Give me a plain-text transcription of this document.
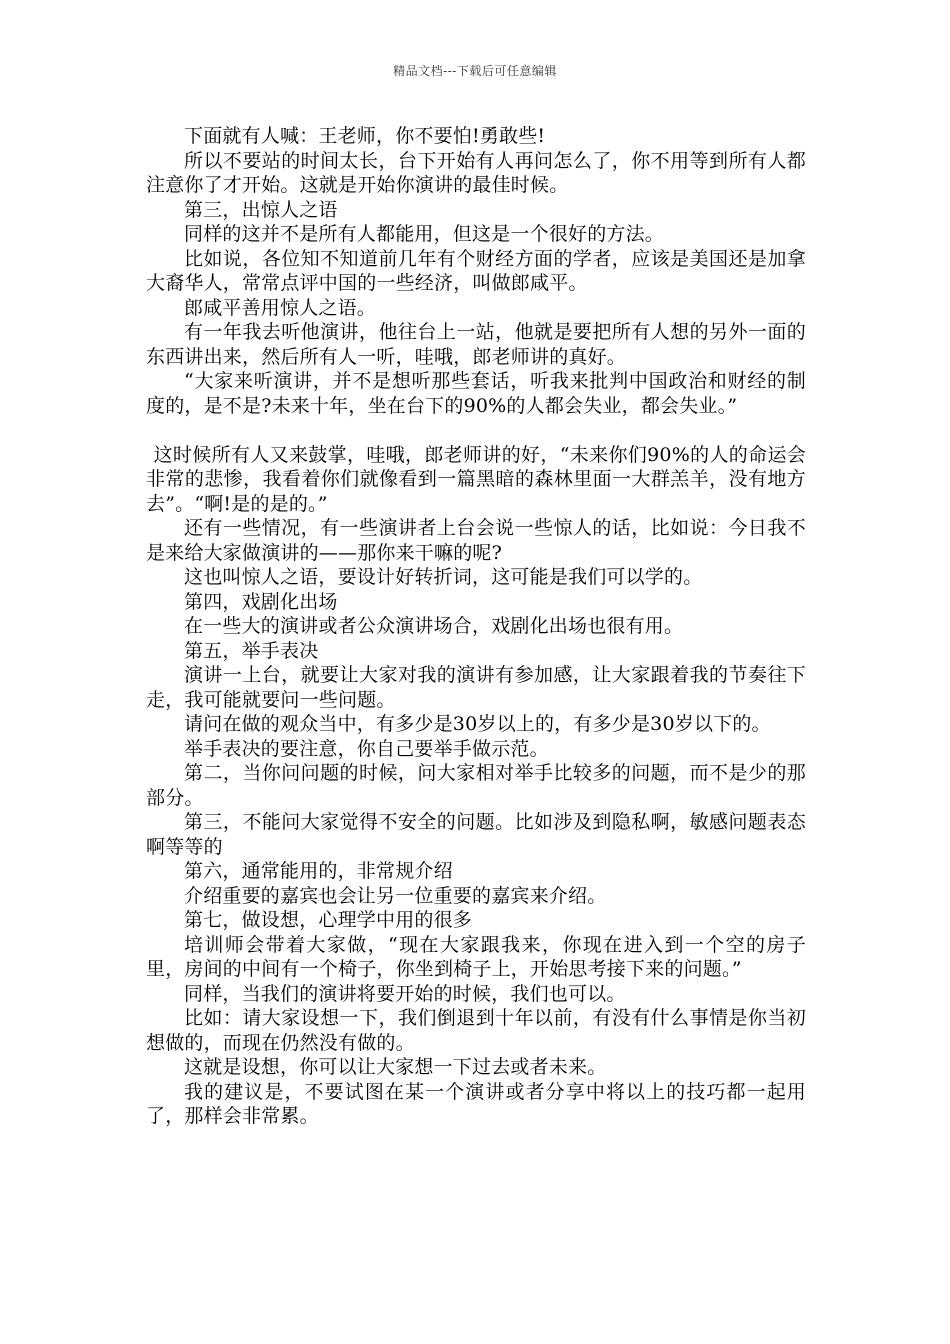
精品文档---下载后可任意编辑

下面就有人喊：王老师，你不要怕!勇敢些!

所以不要站的时间太长，台下开始有人再问怎么了，你不用等到所有人都注意你了才开始。这就是开始你演讲的最佳时候。

第三，出惊人之语

同样的这并不是所有人都能用，但这是一个很好的方法。

比如说，各位知不知道前几年有个财经方面的学者，应该是美国还是加拿大裔华人，常常点评中国的一些经济，叫做郎咸平。

郎咸平善用惊人之语。

有一年我去听他演讲，他往台上一站，他就是要把所有人想的另外一面的东西讲出来，然后所有人一听，哇哦，郎老师讲的真好。

“大家来听演讲，并不是想听那些套话，听我来批判中国政治和财经的制度的，是不是?未来十年，坐在台下的90%的人都会失业，都会失业。”

这时候所有人又来鼓掌，哇哦，郎老师讲的好，“未来你们90%的人的命运会非常的悲惨，我看着你们就像看到一篇黑暗的森林里面一大群羔羊，没有地方去”。“啊!是的是的。”

还有一些情况，有一些演讲者上台会说一些惊人的话，比如说：今日我不是来给大家做演讲的——那你来干嘛的呢?

这也叫惊人之语，要设计好转折词，这可能是我们可以学的。

第四，戏剧化出场

在一些大的演讲或者公众演讲场合，戏剧化出场也很有用。

第五，举手表决

演讲一上台，就要让大家对我的演讲有参加感，让大家跟着我的节奏往下走，我可能就要问一些问题。

请问在做的观众当中，有多少是30岁以上的，有多少是30岁以下的。

举手表决的要注意，你自己要举手做示范。

第二，当你问问题的时候，问大家相对举手比较多的问题，而不是少的那部分。

第三，不能问大家觉得不安全的问题。比如涉及到隐私啊，敏感问题表态啊等等的

第六，通常能用的，非常规介绍

介绍重要的嘉宾也会让另一位重要的嘉宾来介绍。

第七，做设想，心理学中用的很多

培训师会带着大家做，“现在大家跟我来，你现在进入到一个空的房子里，房间的中间有一个椅子，你坐到椅子上，开始思考接下来的问题。”

同样，当我们的演讲将要开始的时候，我们也可以。

比如：请大家设想一下，我们倒退到十年以前，有没有什么事情是你当初想做的，而现在仍然没有做的。

这就是设想，你可以让大家想一下过去或者未来。

我的建议是，不要试图在某一个演讲或者分享中将以上的技巧都一起用了，那样会非常累。
